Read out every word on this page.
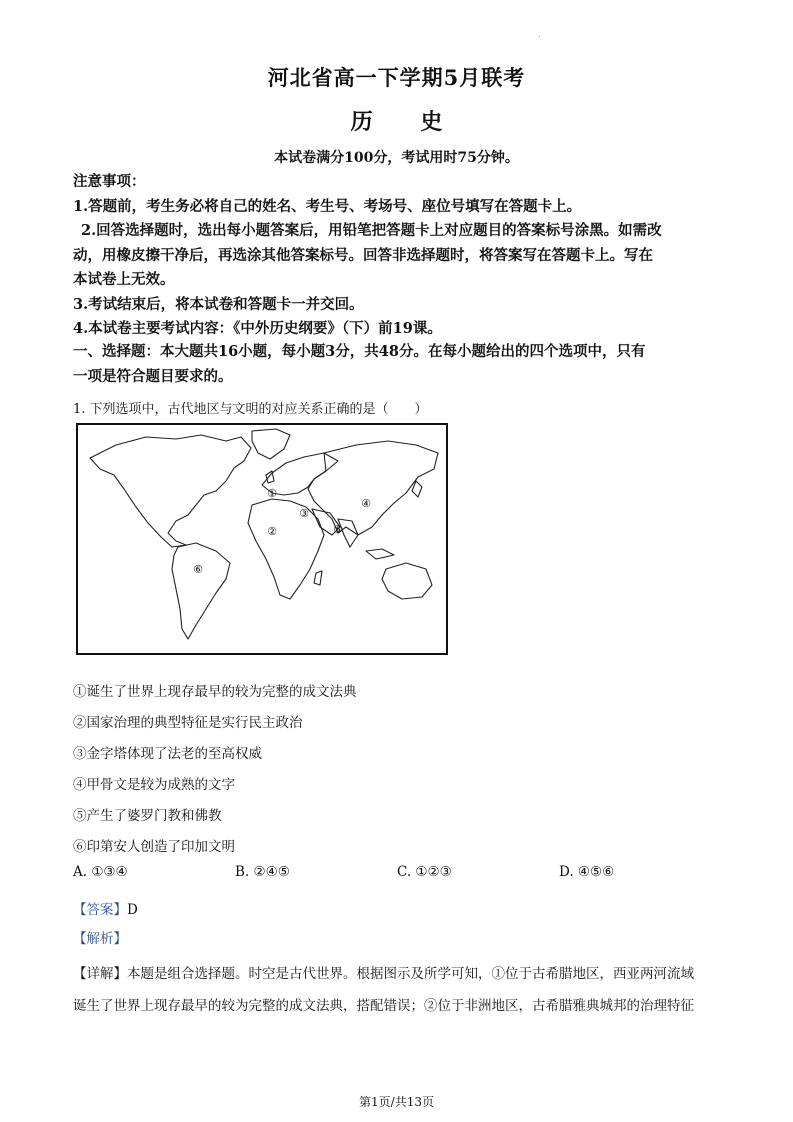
.
河北省高一下学期5月联考
历 史
本试卷满分100分，考试用时75分钟。

注意事项：

1.答题前，考生务必将自己的姓名、考生号、考场号、座位号填写在答题卡上。

2.回答选择题时，选出每小题答案后，用铅笔把答题卡上对应题目的答案标号涂黑。如需改

动，用橡皮擦干净后，再选涂其他答案标号。回答非选择题时，将答案写在答题卡上。写在

本试卷上无效。

3.考试结束后，将本试卷和答题卡一并交回。

4.本试卷主要考试内容：《中外历史纲要》（下）前19课。

一、选择题：本大题共16小题，每小题3分，共48分。在每小题给出的四个选项中，只有

一项是符合题目要求的。

1. 下列选项中，古代地区与文明的对应关系正确的是（　　）
①
②
③
④
⑤
⑥
①诞生了世界上现存最早的较为完整的成文法典
②国家治理的典型特征是实行民主政治
③金字塔体现了法老的至高权威
④甲骨文是较为成熟的文字
⑤产生了婆罗门教和佛教
⑥印第安人创造了印加文明
A. ①③④	B. ②④⑤	C. ①②③	D. ④⑤⑥
【答案】D
【解析】

【详解】本题是组合选择题。时空是古代世界。根据图示及所学可知，①位于古希腊地区，西亚两河流域

诞生了世界上现存最早的较为完整的成文法典，搭配错误；②位于非洲地区，古希腊雅典城邦的治理特征

第1页/共13页
